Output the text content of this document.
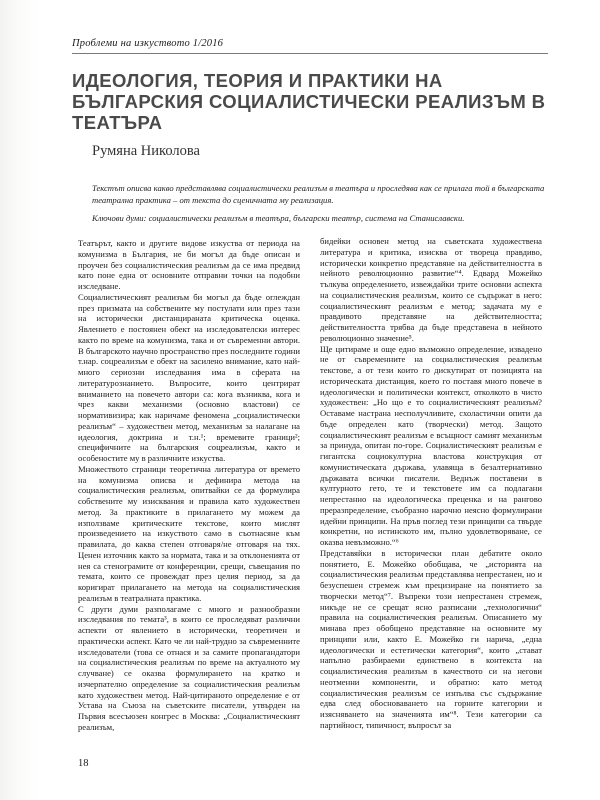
Проблеми на изкуството 1/2016
ИДЕОЛОГИЯ, ТЕОРИЯ И ПРАКТИКИ НА БЪЛГАРСКИЯ СОЦИАЛИСТИЧЕСКИ РЕАЛИЗЪМ В ТЕАТЪРА
Румяна Николова
Текстът описва какво представлява социалистически реализъм в театъра и проследява как се прилага той в българската театрална практика – от текста до сценичната му реализация.
Ключови думи: социалистически реализъм в театъра, български театър, система на Станиславски.

Театърът, както и другите видове изкуства от периода на комунизма в България, не би могъл да бъде описан и проучен без социалистическия реализъм да се има предвид като поне една от основните отправни точки на подобни изследване.

Социалистическият реализъм би могъл да бъде оглеждан през призмата на собствените му постулати или през тази на исторически дистанцираната критическа оценка. Явлението е постоянен обект на изследователски интерес както по време на комунизма, така и от съвременни автори. В българското научно пространство през последните години т.нар. соцреализъм е обект на засилено внимание, като най-много сериозни изследвания има в сферата на литературознанието. Въпросите, които центрират вниманието на повечето автори са: кога възниква, кога и чрез какви механизми (основно властови) се нормативизира; как наричаме феномена „социалистически реализъм“ – художествен метод, механизъм за налагане на идеология, доктрина и т.н.¹; времевите граници²; специфичните на българския соцреализъм, както и особеностите му в различните изкуства.

Множеството страници теоретична литература от времето на комунизма описва и дефинира метода на социалистическия реализъм, опитвайки се да формулира собствените му изисквания и правила като художествен метод. За практиките в прилагането му можем да използваме критическите текстове, които мислят произведението на изкуството само в съотнасяне към правилата, до каква степен отговаря/не отговаря на тях. Ценен източник както за нормата, така и за отклоненията от нея са стенограмите от конференции, срещи, съвещания по темата, които се провеждат през целия период, за да коригират прилагането на метода на социалистическия реализъм в театралната практика.

С други думи разполагаме с много и разнообразни изследвания по темата³, в които се проследяват различни аспекти от явлението в исторически, теоретичен и практически аспект. Като че ли най-трудно за съвременните изследователи (това се отнася и за самите пропагандатори на социалистическия реализъм по време на актуалното му случване) се оказва формулирането на кратко и изчерпателно определение за социалистическия реализъм като художествен метод. Най-цитираното определение е от Устава на Съюза на съветските писатели, утвърден на Първия всесъюзен конгрес в Москва: „Социалистическият реализъм,

бидейки основен метод на съветската художествена литература и критика, изисква от твореца правдиво, исторически конкретно представяне на действителността в нейното революционно развитие“⁴. Едвард Можейко тълкува определението, извеждайки трите основни аспекта на социалистическия реализъм, които се съдържат в него: социалистическият реализъм е метод; задачата му е правдивото представяне на действителността; действителността трябва да бъде представена в нейното революционно значение⁵.

Ще цитираме и още едно възможно определение, извадено не от съвременните на социалистическия реализъм текстове, а от тези които го дискутират от позицията на историческата дистанция, което го поставя много повече в идеологически и политически контекст, отколкото в чисто художествен: „Но що е то социалистическият реализъм? Оставаме настрана несполучливите, схоластични опити да бъде определен като (творчески) метод. Защото социалистическият реализъм е всъщност самият механизъм за принуда, опитан по-горе. Социалистическият реализъм е гигантска социокултурна властова конструкция от комунистическата държава, улавяща в безалтернативно държавата всички писатели. Веднъж поставени в културното гето, те и текстовете им са подлагани непрестанно на идеологическа преценка и на рангово преразпределение, съобразно нарочно неясно формулирани идейни принципи. На пръв поглед тези принципи са твърде конкретни, но истинското им, пълно удовлетворяване, се оказва невъзможно.“⁶

Представяйки в исторически план дебатите около понятието, Е. Можейко обобщава, че „историята на социалистическия реализъм представлява непрестанен, но и безуспешен стремеж към прецизиране на понятието за творчески метод“⁷. Въпреки този непрестанен стремеж, никъде не се срещат ясно разписани „технологични“ правила на социалистическия реализъм. Описанието му минава през обобщено представяне на основните му принципи или, както Е. Можейко ги нарича, „една идеологически и естетически категория“, които „стават напълно разбираеми единствено в контекста на социалистическия реализъм в качеството си на негови неотменни компоненти, и обратно: като метод социалистическия реализъм се изпълва със съдържание едва след обосноваването на горните категории и изясняването на значенията им“⁸. Тези категории са партийност, типичност, въпросът за

18
